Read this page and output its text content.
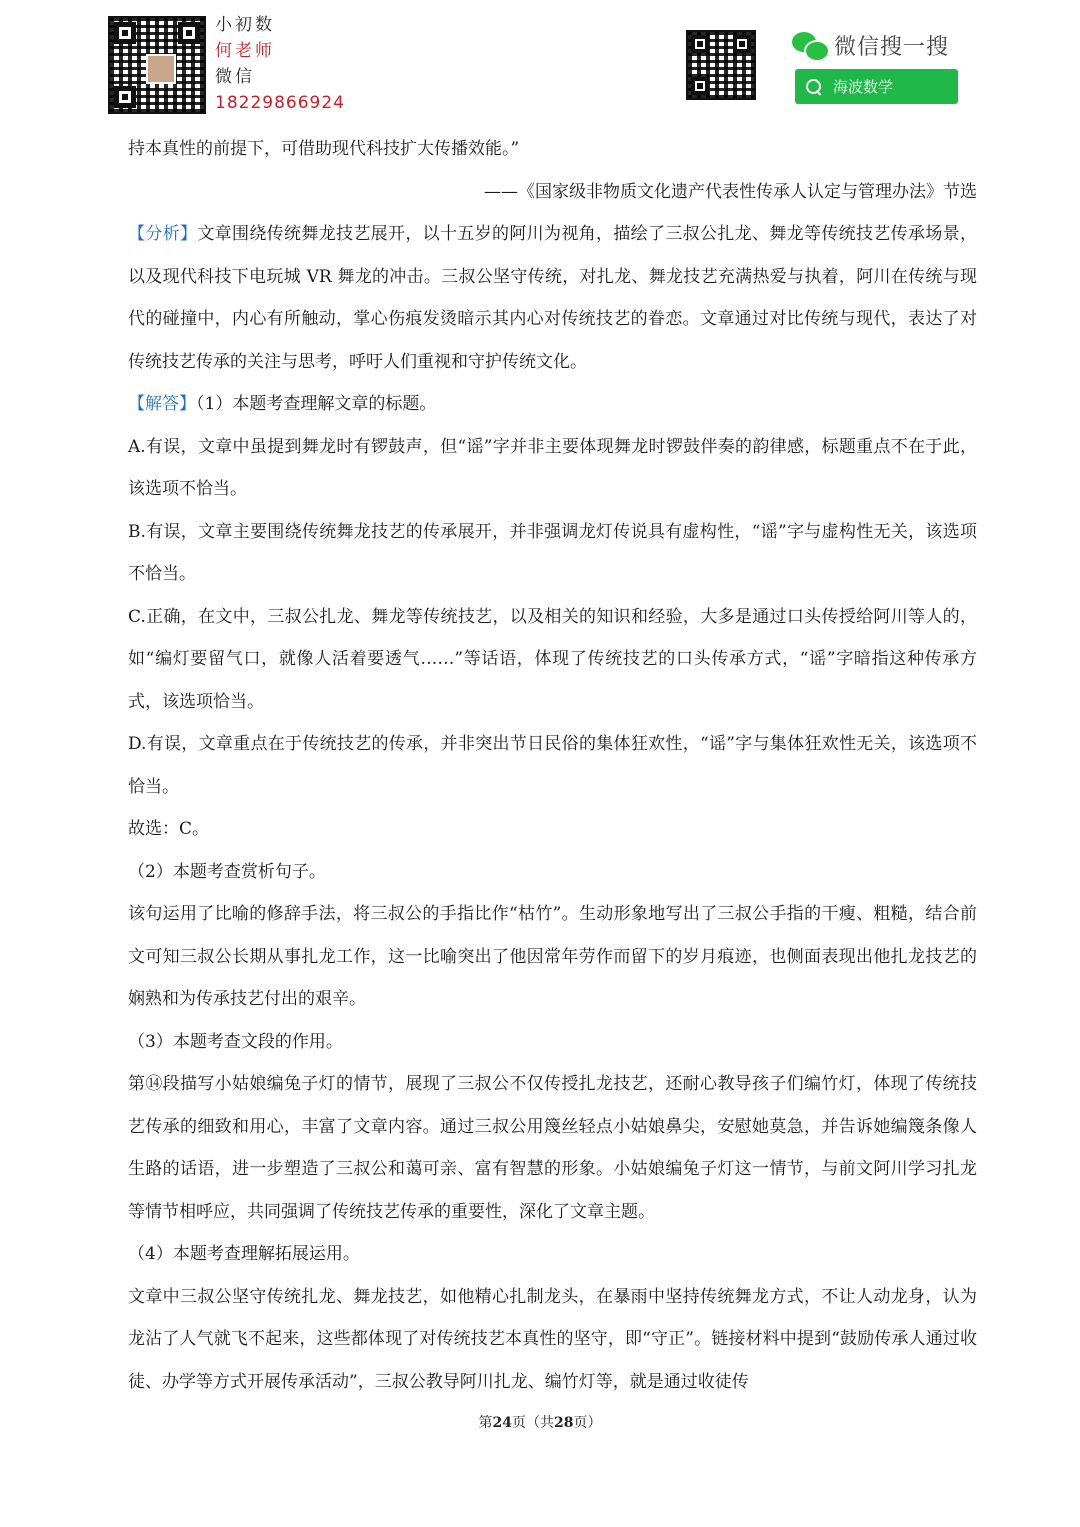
小初数
何老师
微信
18229866924
微信搜一搜
海波数学

持本真性的前提下，可借助现代科技扩大传播效能。”

——《国家级非物质文化遗产代表性传承人认定与管理办法》节选

【分析】文章围绕传统舞龙技艺展开，以十五岁的阿川为视角，描绘了三叔公扎龙、舞龙等传统技艺传承场景，以及现代科技下电玩城 VR 舞龙的冲击。三叔公坚守传统，对扎龙、舞龙技艺充满热爱与执着，阿川在传统与现代的碰撞中，内心有所触动，掌心伤痕发烫暗示其内心对传统技艺的眷恋。文章通过对比传统与现代，表达了对传统技艺传承的关注与思考，呼吁人们重视和守护传统文化。

【解答】（1）本题考查理解文章的标题。

A.有误，文章中虽提到舞龙时有锣鼓声，但“谣”字并非主要体现舞龙时锣鼓伴奏的韵律感，标题重点不在于此，该选项不恰当。

B.有误，文章主要围绕传统舞龙技艺的传承展开，并非强调龙灯传说具有虚构性，“谣”字与虚构性无关，该选项不恰当。

C.正确，在文中，三叔公扎龙、舞龙等传统技艺，以及相关的知识和经验，大多是通过口头传授给阿川等人的，如“编灯要留气口，就像人活着要透气……”等话语，体现了传统技艺的口头传承方式，“谣”字暗指这种传承方式，该选项恰当。

D.有误，文章重点在于传统技艺的传承，并非突出节日民俗的集体狂欢性，“谣”字与集体狂欢性无关，该选项不恰当。

故选：C。

（2）本题考查赏析句子。

该句运用了比喻的修辞手法，将三叔公的手指比作“枯竹”。生动形象地写出了三叔公手指的干瘦、粗糙，结合前文可知三叔公长期从事扎龙工作，这一比喻突出了他因常年劳作而留下的岁月痕迹，也侧面表现出他扎龙技艺的娴熟和为传承技艺付出的艰辛。

（3）本题考查文段的作用。

第⑭段描写小姑娘编兔子灯的情节，展现了三叔公不仅传授扎龙技艺，还耐心教导孩子们编竹灯，体现了传统技艺传承的细致和用心，丰富了文章内容。通过三叔公用篾丝轻点小姑娘鼻尖，安慰她莫急，并告诉她编篾条像人生路的话语，进一步塑造了三叔公和蔼可亲、富有智慧的形象。小姑娘编兔子灯这一情节，与前文阿川学习扎龙等情节相呼应，共同强调了传统技艺传承的重要性，深化了文章主题。

（4）本题考查理解拓展运用。

文章中三叔公坚守传统扎龙、舞龙技艺，如他精心扎制龙头，在暴雨中坚持传统舞龙方式，不让人动龙身，认为龙沾了人气就飞不起来，这些都体现了对传统技艺本真性的坚守，即“守正”。链接材料中提到“鼓励传承人通过收徒、办学等方式开展传承活动”，三叔公教导阿川扎龙、编竹灯等，就是通过收徒传

第24页（共28页）
